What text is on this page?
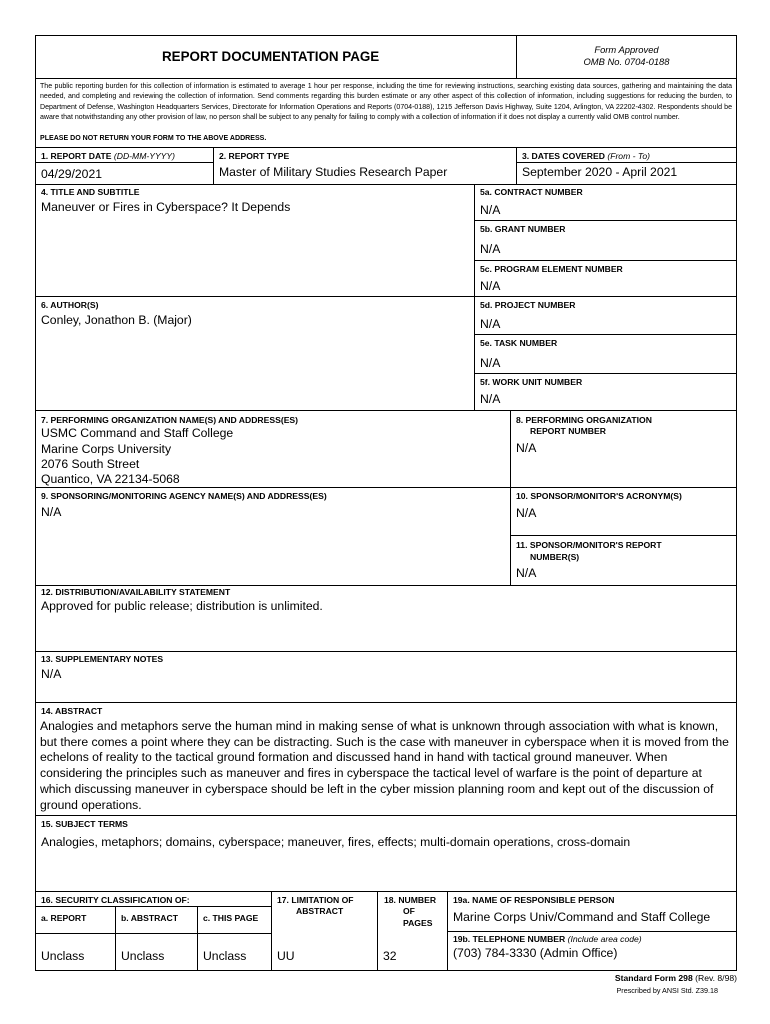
REPORT DOCUMENTATION PAGE	Form Approved
OMB No. 0704-0188
The public reporting burden for this collection of information is estimated to average 1 hour per response, including the time for reviewing instructions, searching existing data sources, gathering and maintaining the data needed, and completing and reviewing the collection of information. Send comments regarding this burden estimate or any other aspect of this collection of information, including suggestions for reducing the burden, to Department of Defense, Washington Headquarters Services, Directorate for Information Operations and Reports (0704-0188), 1215 Jefferson Davis Highway, Suite 1204, Arlington, VA 22202-4302. Respondents should be aware that notwithstanding any other provision of law, no person shall be subject to any penalty for failing to comply with a collection of information if it does not display a currently valid OMB control number.
PLEASE DO NOT RETURN YOUR FORM TO THE ABOVE ADDRESS.
1. REPORT DATE (DD-MM-YYYY)
04/29/2021
2. REPORT TYPE
Master of Military Studies Research Paper
3. DATES COVERED (From - To)
September 2020 - April 2021
4. TITLE AND SUBTITLE
Maneuver or Fires in Cyberspace? It Depends
5a. CONTRACT NUMBER
N/A
5b. GRANT NUMBER
N/A
5c. PROGRAM ELEMENT NUMBER
N/A
6. AUTHOR(S)
Conley, Jonathon B. (Major)
5d. PROJECT NUMBER
N/A
5e. TASK NUMBER
N/A
5f. WORK UNIT NUMBER
N/A
7. PERFORMING ORGANIZATION NAME(S) AND ADDRESS(ES)
USMC Command and Staff College
Marine Corps University
2076 South Street
Quantico, VA 22134-5068
8. PERFORMING ORGANIZATION
REPORT NUMBER
N/A
9. SPONSORING/MONITORING AGENCY NAME(S) AND ADDRESS(ES)
N/A
10. SPONSOR/MONITOR'S ACRONYM(S)
N/A
11. SPONSOR/MONITOR'S REPORT
NUMBER(S)
N/A
12. DISTRIBUTION/AVAILABILITY STATEMENT
Approved for public release; distribution is unlimited.
13. SUPPLEMENTARY NOTES
N/A
14. ABSTRACT
Analogies and metaphors serve the human mind in making sense of what is unknown through association with what is known, but there comes a point where they can be distracting. Such is the case with maneuver in cyberspace when it is moved from the echelons of reality to the tactical ground formation and discussed hand in hand with tactical ground maneuver. When considering the principles such as maneuver and fires in cyberspace the tactical level of warfare is the point of departure at which discussing maneuver in cyberspace should be left in the cyber mission planning room and kept out of the discussion of ground operations.
15. SUBJECT TERMS
Analogies, metaphors; domains, cyberspace; maneuver, fires, effects; multi-domain operations, cross-domain
16. SECURITY CLASSIFICATION OF:
a. REPORT	b. ABSTRACT	c. THIS PAGE
Unclass	Unclass	Unclass
17. LIMITATION OF
ABSTRACT
UU
18. NUMBER
OF
PAGES
32
19a. NAME OF RESPONSIBLE PERSON
Marine Corps Univ/Command and Staff College
19b. TELEPHONE NUMBER (Include area code)
(703) 784-3330 (Admin Office)
Standard Form 298 (Rev. 8/98)
Prescribed by ANSI Std. Z39.18
